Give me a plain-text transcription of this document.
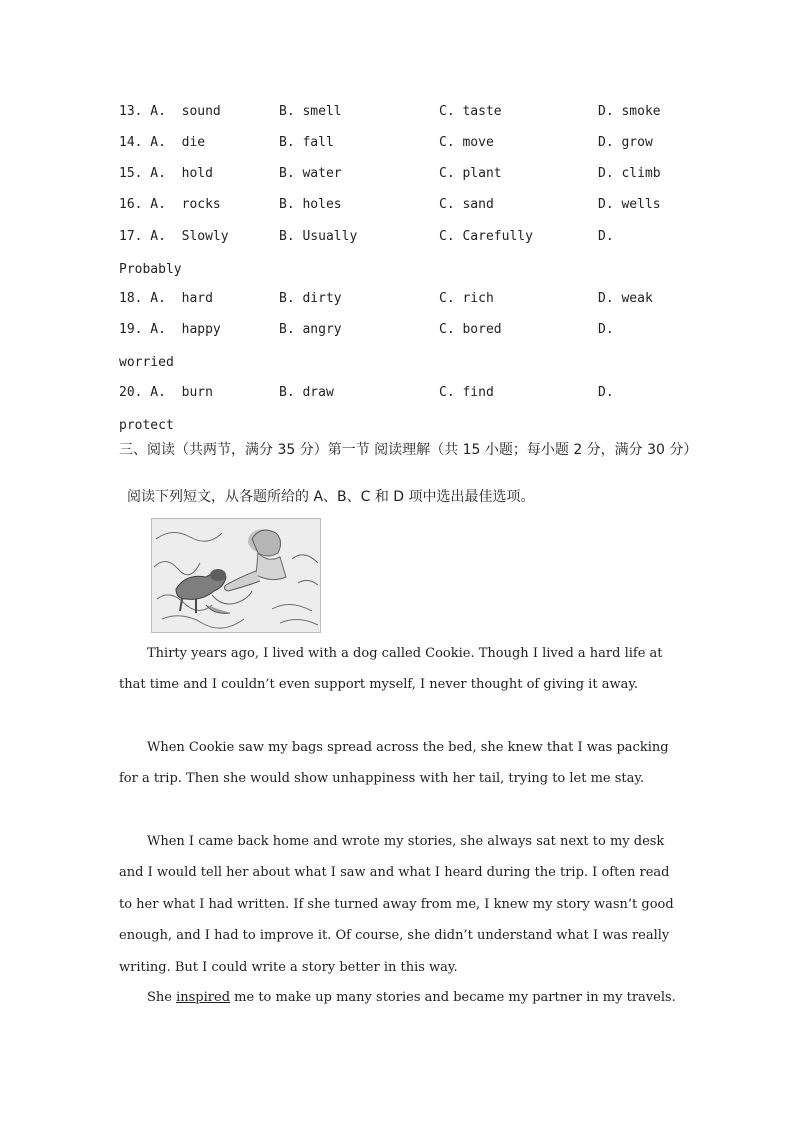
13. A. sound	B. smell	C. taste	D. smoke
14. A. die	B. fall	C. move	D. grow
15. A. hold	B. water	C. plant	D. climb
16. A. rocks	B. holes	C. sand	D. wells
17. A. Slowly	B. Usually	C. Carefully	D.
Probably
18. A. hard	B. dirty	C. rich	D. weak
19. A. happy	B. angry	C. bored	D.
worried
20. A. burn	B. draw	C. find	D.
protect
三、阅读（共两节，满分 35 分）第一节 阅读理解（共 15 小题；每小题 2 分，满分 30 分）
阅读下列短文，从各题所给的 A、B、C 和 D 项中选出最佳选项。
Thirty years ago, I lived with a dog called Cookie. Though I lived a hard life at that time and I couldn’t even support myself, I never thought of giving it away.
When Cookie saw my bags spread across the bed, she knew that I was packing for a trip. Then she would show unhappiness with her tail, trying to let me stay.
When I came back home and wrote my stories, she always sat next to my desk and I would tell her about what I saw and what I heard during the trip. I often read to her what I had written. If she turned away from me, I knew my story wasn’t good enough, and I had to improve it. Of course, she didn’t understand what I was really writing. But I could write a story better in this way.
She inspired me to make up many stories and became my partner in my travels.
